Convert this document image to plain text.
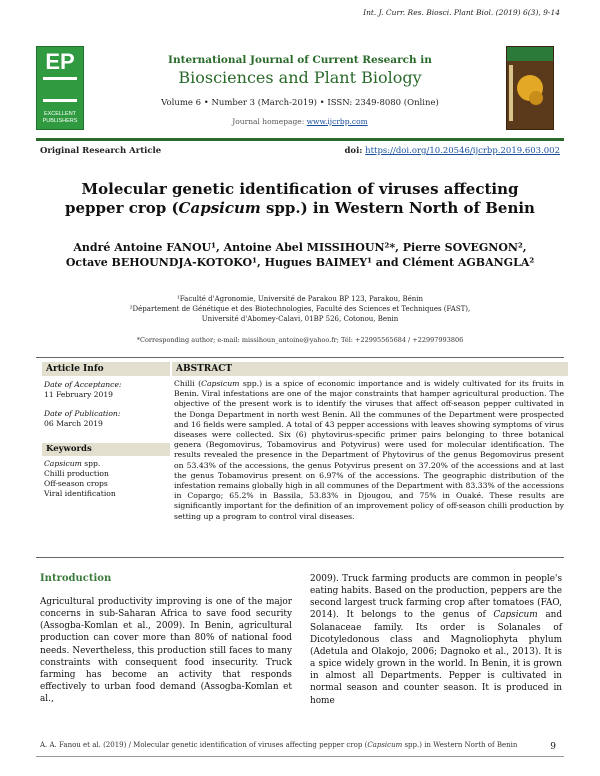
Int. J. Curr. Res. Biosci. Plant Biol. (2019) 6(3), 9-14
EP
EXCELLENT PUBLISHERS
International Journal of Current Research in
Biosciences and Plant Biology
Volume 6 • Number 3 (March-2019) • ISSN: 2349-8080 (Online)
Journal homepage: www.ijcrbp.com
Original Research Article	doi: https://doi.org/10.20546/ijcrbp.2019.603.002
Molecular genetic identification of viruses affecting pepper crop (Capsicum spp.) in Western North of Benin
André Antoine FANOU¹, Antoine Abel MISSIHOUN²*, Pierre SOVEGNON²,
Octave BEHOUNDJA-KOTOKO¹, Hugues BAIMEY¹ and Clément AGBANGLA²
¹Faculté d'Agronomie, Université de Parakou BP 123, Parakou, Bénin
²Département de Génétique et des Biotechnologies, Faculté des Sciences et Techniques (FAST),
Université d'Abomey-Calavi, 01BP 526, Cotonou, Benin
*Corresponding author; e-mail: missihoun_antoine@yahoo.fr; Tél: +22995565684 / +22997993806
Article Info	ABSTRACT
Date of Acceptance:
11 February 2019
Date of Publication:
06 March 2019
Keywords
Capsicum spp.
Chilli production
Off-season crops
Viral identification
Chilli (Capsicum spp.) is a spice of economic importance and is widely cultivated for its fruits in Benin. Viral infestations are one of the major constraints that hamper agricultural production. The objective of the present work is to identify the viruses that affect off-season pepper cultivated in the Donga Department in north west Benin. All the communes of the Department were prospected and 16 fields were sampled. A total of 43 pepper accessions with leaves showing symptoms of virus diseases were collected. Six (6) phytovirus-specific primer pairs belonging to three botanical genera (Begomovirus, Tobamovirus and Potyvirus) were used for molecular identification. The results revealed the presence in the Department of Phytovirus of the genus Begomovirus present on 53.43% of the accessions, the genus Potyvirus present on 37.20% of the accessions and at last the genus Tobamovirus present on 6.97% of the accessions. The geographic distribution of the infestation remains globally high in all communes of the Department with 83.33% of the accessions in Copargo; 65.2% in Bassila, 53.83% in Djougou, and 75% in Ouaké. These results are significantly important for the definition of an improvement policy of off-season chilli production by setting up a program to control viral diseases.
Introduction
Agricultural productivity improving is one of the major concerns in sub-Saharan Africa to save food security (Assogba-Komlan et al., 2009). In Benin, agricultural production can cover more than 80% of national food needs. Nevertheless, this production still faces to many constraints with consequent food insecurity. Truck farming has become an activity that responds effectively to urban food demand (Assogba-Komlan et al.,
2009). Truck farming products are common in people's eating habits. Based on the production, peppers are the second largest truck farming crop after tomatoes (FAO, 2014). It belongs to the genus of Capsicum and Solanaceae family. Its order is Solanales of Dicotyledonous class and Magnoliophyta phylum (Adetula and Olakojo, 2006; Dagnoko et al., 2013). It is a spice widely grown in the world. In Benin, it is grown in almost all Departments. Pepper is cultivated in normal season and counter season. It is produced in home
A. A. Fanou et al. (2019) / Molecular genetic identification of viruses affecting pepper crop (Capsicum spp.) in Western North of Benin	9
